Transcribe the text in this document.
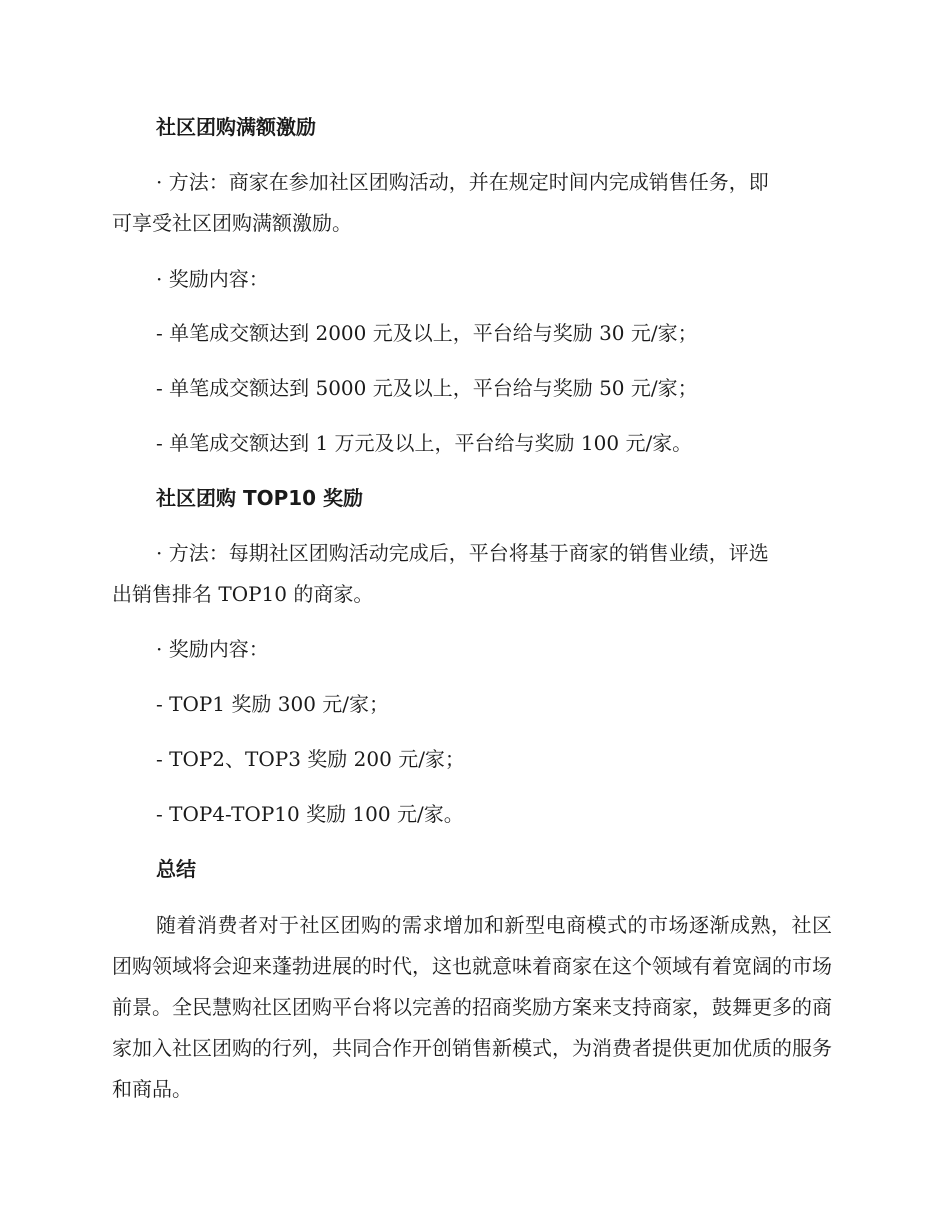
社区团购满额激励
· 方法：商家在参加社区团购活动，并在规定时间内完成销售任务，即
可享受社区团购满额激励。
· 奖励内容：
- 单笔成交额达到 2000 元及以上，平台给与奖励 30 元/家；
- 单笔成交额达到 5000 元及以上，平台给与奖励 50 元/家；
- 单笔成交额达到 1 万元及以上，平台给与奖励 100 元/家。
社区团购 TOP10 奖励
· 方法：每期社区团购活动完成后，平台将基于商家的销售业绩，评选
出销售排名 TOP10 的商家。
· 奖励内容：
- TOP1 奖励 300 元/家；
- TOP2、TOP3 奖励 200 元/家；
- TOP4-TOP10 奖励 100 元/家。
总结
随着消费者对于社区团购的需求增加和新型电商模式的市场逐渐成熟，社区团购领域将会迎来蓬勃进展的时代，这也就意味着商家在这个领域有着宽阔的市场前景。全民慧购社区团购平台将以完善的招商奖励方案来支持商家，鼓舞更多的商家加入社区团购的行列，共同合作开创销售新模式，为消费者提供更加优质的服务和商品。
